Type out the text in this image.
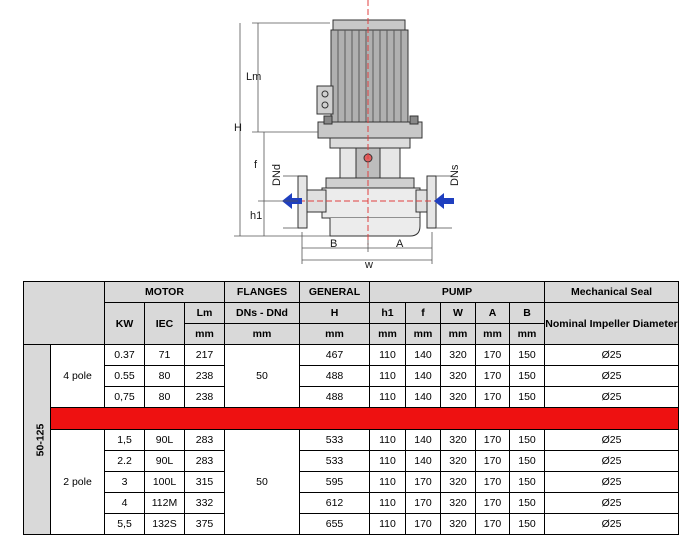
Lm
H
f DNd	DNs
h1
B	A
w
		MOTOR			FLANGES	GENERAL	PUMP					Mechanical Seal
		KW	IEC	Lm	DNs - DNd	H	h1	f	W	A	B	Nominal Impeller Diameter
				mm	mm	mm	mm	mm	mm	mm	mm	
50-125	4 pole	0.37	71	217	50	467	110	140	320	170	150	Ø25
		0.55	80	238		488	110	140	320	170	150	Ø25
		0,75	80	238		488	110	140	320	170	150	Ø25

	2 pole	1,5	90L	283	50	533	110	140	320	170	150	Ø25
		2.2	90L	283		533	110	140	320	170	150	Ø25
		3	100L	315		595	110	170	320	170	150	Ø25
		4	112M	332		612	110	170	320	170	150	Ø25
		5,5	132S	375		655	110	170	320	170	150	Ø25
